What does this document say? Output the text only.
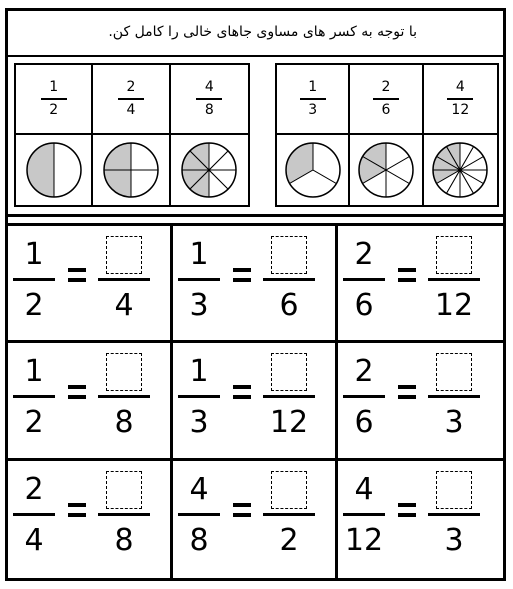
با توجه به کسر های مساوی جاهای خالی را کامل کن.
$\frac{1}{2}$	$\frac{2}{4}$	$\frac{4}{8}$	$\frac{1}{3}$	$\frac{2}{6}$	$\frac{4}{12}$
1
2 4
1
3 6
2
6 12
1
2 8
1
3 12
2
6 3
2
4 8
4
8 2
4
12 3
